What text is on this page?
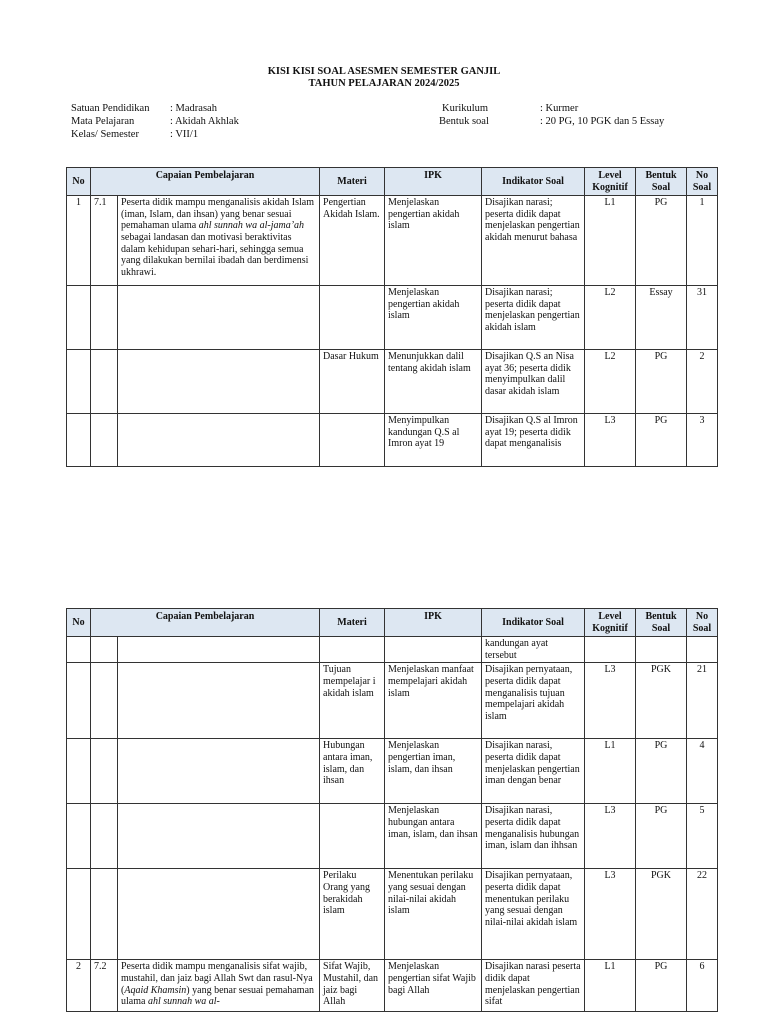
KISI KISI SOAL ASESMEN SEMESTER GANJIL
TAHUN PELAJARAN 2024/2025
Satuan Pendidikan : Madrasah
Mata Pelajaran	: Akidah Akhlak
Kelas/ Semester	: VII/1
Kurikulum	: Kurmer
Bentuk soal	: 20 PG, 10 PGK dan 5 Essay
No	Capaian Pembelajaran		Materi	IPK	Indikator Soal	Level Kognitif	Bentuk Soal	No Soal
1	7.1	Peserta didik mampu menganalisis akidah Islam (iman, Islam, dan ihsan) yang benar sesuai pemahaman ulama ahl sunnah wa al-jama’ah sebagai landasan dan motivasi beraktivitas dalam kehidupan sehari-hari, sehingga semua yang dilakukan bernilai ibadah dan berdimensi ukhrawi.	Pengertian Akidah Islam.	Menjelaskan pengertian akidah islam	Disajikan narasi; peserta didik dapat menjelaskan pengertian akidah menurut bahasa	L1	PG	1
				Menjelaskan pengertian akidah islam	Disajikan narasi; peserta didik dapat menjelaskan pengertian akidah islam	L2	Essay	31
			Dasar Hukum	Menunjukkan dalil tentang akidah islam	Disajikan Q.S an Nisa ayat 36; peserta didik menyimpulkan dalil dasar akidah islam	L2	PG	2
				Menyimpulkan kandungan Q.S al Imron ayat 19	Disajikan Q.S al Imron ayat 19; peserta didik dapat menganalisis	L3	PG	3
No	Capaian Pembelajaran		Materi	IPK	Indikator Soal	Level Kognitif	Bentuk Soal	No Soal
					kandungan ayat tersebut			
			Tujuan mempelajar i akidah islam	Menjelaskan manfaat mempelajari akidah islam	Disajikan pernyataan, peserta didik dapat menganalisis tujuan mempelajari akidah islam	L3	PGK	21
			Hubungan antara iman, islam, dan ihsan	Menjelaskan pengertian iman, islam, dan ihsan	Disajikan narasi, peserta didik dapat menjelaskan pengertian iman dengan benar	L1	PG	4
				Menjelaskan hubungan antara iman, islam, dan ihsan	Disajikan narasi, peserta didik dapat menganalisis hubungan iman, islam dan ihhsan	L3	PG	5
			Perilaku Orang yang berakidah islam	Menentukan perilaku yang sesuai dengan nilai-nilai akidah islam	Disajikan pernyataan, peserta didik dapat menentukan perilaku yang sesuai dengan nilai-nilai akidah islam	L3	PGK	22
2	7.2	Peserta didik mampu menganalisis sifat wajib, mustahil, dan jaiz bagi Allah Swt dan rasul-Nya (Aqaid Khamsin) yang benar sesuai pemahaman ulama ahl sunnah wa al-	Sifat Wajib, Mustahil, dan jaiz bagi Allah	Menjelaskan pengertian sifat Wajib bagi Allah	Disajikan narasi peserta didik dapat menjelaskan pengertian sifat	L1	PG	6
